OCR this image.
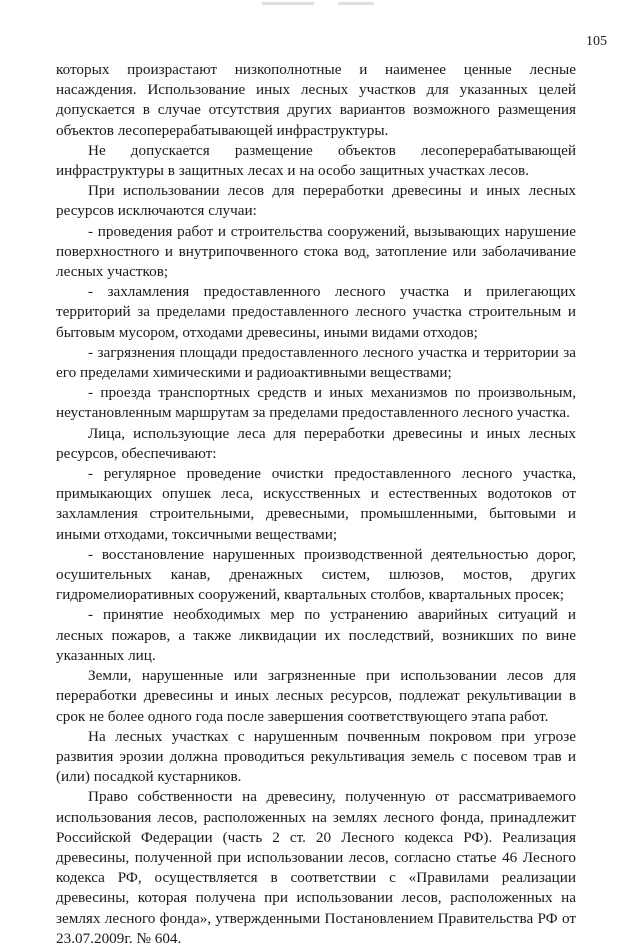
105

которых произрастают низкополнотные и наименее ценные лесные насаждения. Использование иных лесных участков для указанных целей допускается в случае отсутствия других вариантов возможного размещения объектов лесоперерабатывающей инфраструктуры.

Не допускается размещение объектов лесоперерабатывающей инфраструктуры в защитных лесах и на особо защитных участках лесов.

При использовании лесов для переработки древесины и иных лесных ресурсов исключаются случаи:

- проведения работ и строительства сооружений, вызывающих нарушение поверхностного и внутрипочвенного стока вод, затопление или заболачивание лесных участков;

- захламления предоставленного лесного участка и прилегающих территорий за пределами предоставленного лесного участка строительным и бытовым мусором, отходами древесины, иными видами отходов;

- загрязнения площади предоставленного лесного участка и территории за его пределами химическими и радиоактивными веществами;

- проезда транспортных средств и иных механизмов по произвольным, неустановленным маршрутам за пределами предоставленного лесного участка.

Лица, использующие леса для переработки древесины и иных лесных ресурсов, обеспечивают:

- регулярное проведение очистки предоставленного лесного участка, примыкающих опушек леса, искусственных и естественных водотоков от захламления строительными, древесными, промышленными, бытовыми и иными отходами, токсичными веществами;

- восстановление нарушенных производственной деятельностью дорог, осушительных канав, дренажных систем, шлюзов, мостов, других гидромелиоративных сооружений, квартальных столбов, квартальных просек;

- принятие необходимых мер по устранению аварийных ситуаций и лесных пожаров, а также ликвидации их последствий, возникших по вине указанных лиц.

Земли, нарушенные или загрязненные при использовании лесов для переработки древесины и иных лесных ресурсов, подлежат рекультивации в срок не более одного года после завершения соответствующего этапа работ.

На лесных участках с нарушенным почвенным покровом при угрозе развития эрозии должна проводиться рекультивация земель с посевом трав и (или) посадкой кустарников.

Право собственности на древесину, полученную от рассматриваемого использования лесов, расположенных на землях лесного фонда, принадлежит Российской Федерации (часть 2 ст. 20 Лесного кодекса РФ). Реализация древесины, полученной при использовании лесов, согласно статье 46 Лесного кодекса РФ, осуществляется в соответствии с «Правилами реализации древесины, которая получена при использовании лесов, расположенных на землях лесного фонда», утвержденными Постановлением Правительства РФ от 23.07.2009г. № 604.
